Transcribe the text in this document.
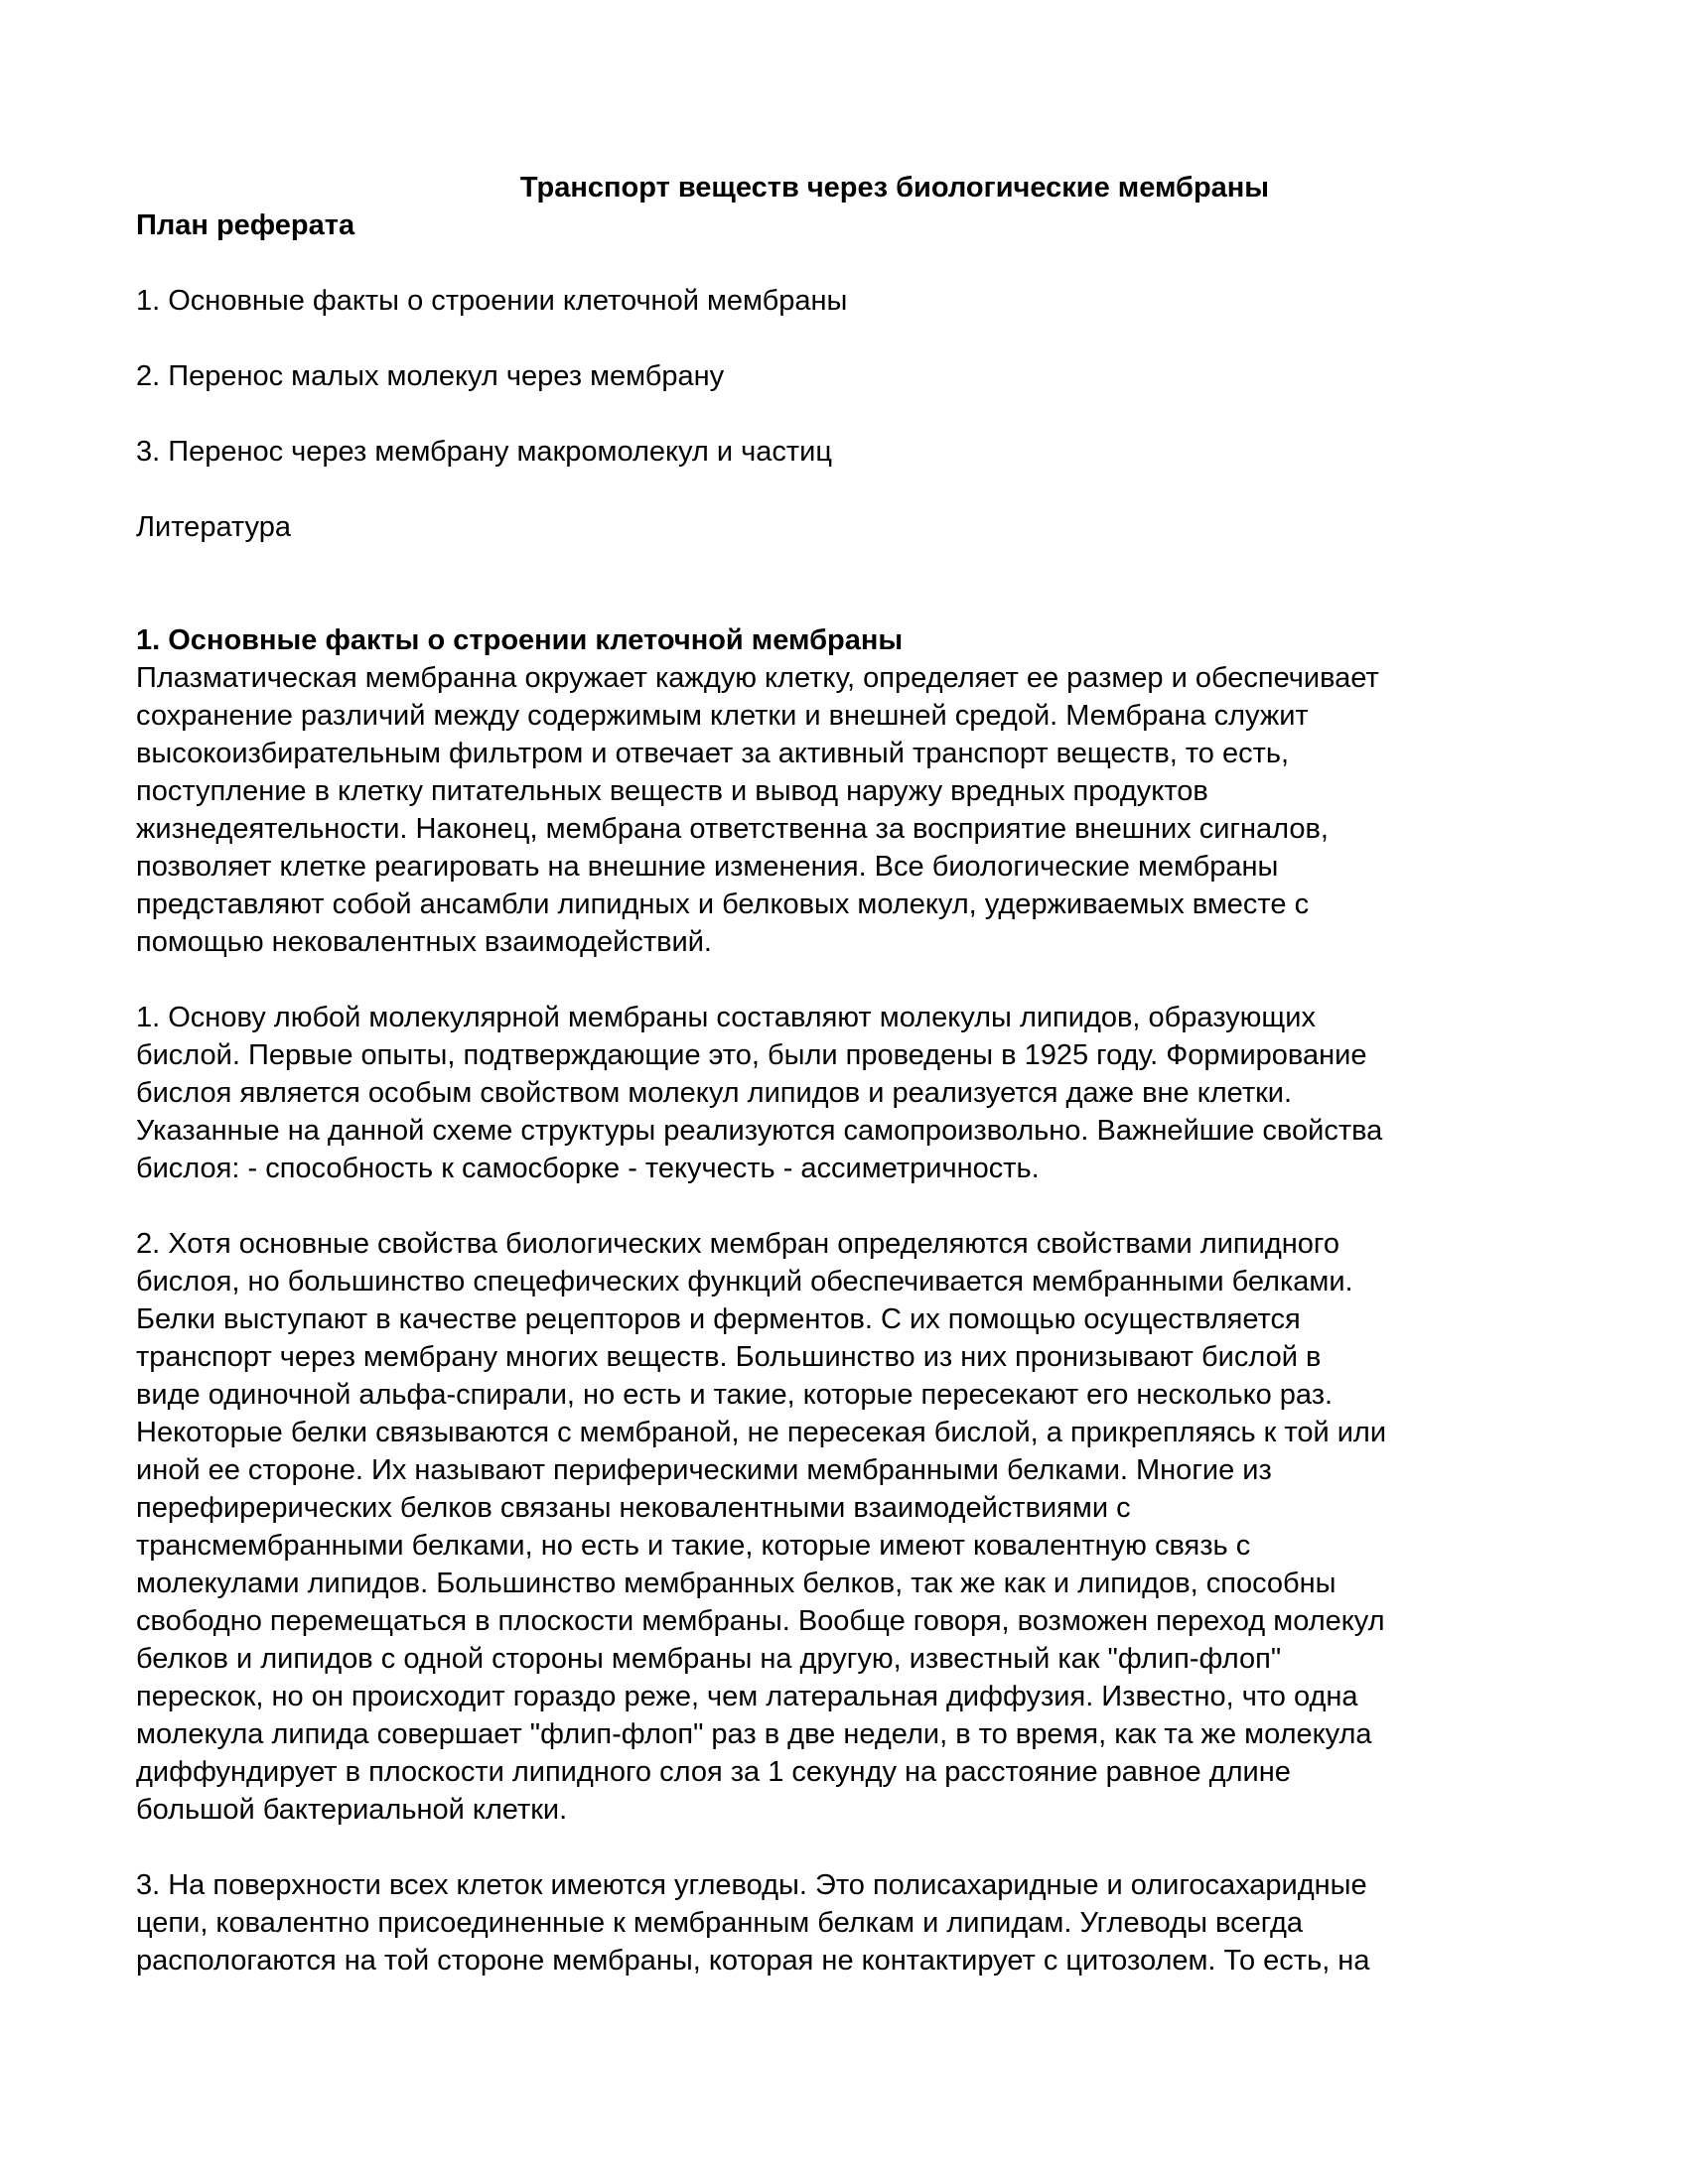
Транспорт веществ через биологические мембраны
План реферата

1. Основные факты о строении клеточной мембраны

2. Перенос малых молекул через мембрану

3. Перенос через мембрану макромолекул и частиц

Литература

1. Основные факты о строении клеточной мембраны

Плазматическая мембранна окружает каждую клетку, определяет ее размер и обеспечивает
сохранение различий между содержимым клетки и внешней средой. Мембрана служит
высокоизбирательным фильтром и отвечает за активный транспорт веществ, то есть,
поступление в клетку питательных веществ и вывод наружу вредных продуктов
жизнедеятельности. Наконец, мембрана ответственна за восприятие внешних сигналов,
позволяет клетке реагировать на внешние изменения. Все биологические мембраны
представляют собой ансамбли липидных и белковых молекул, удерживаемых вместе с
помощью нековалентных взаимодействий.

1. Основу любой молекулярной мембраны составляют молекулы липидов, образующих
бислой. Первые опыты, подтверждающие это, были проведены в 1925 году. Формирование
бислоя является особым свойством молекул липидов и реализуется даже вне клетки.
Указанные на данной схеме структуры реализуются самопроизвольно. Важнейшие свойства
бислоя: - способность к самосборке - текучесть - ассиметричность.

2. Хотя основные свойства биологических мембран определяются свойствами липидного
бислоя, но большинство спецефических функций обеспечивается мембранными белками.
Белки выступают в качестве рецепторов и ферментов. С их помощью осуществляется
транспорт через мембрану многих веществ. Большинство из них пронизывают бислой в
виде одиночной альфа-спирали, но есть и такие, которые пересекают его несколько раз.
Некоторые белки связываются с мембраной, не пересекая бислой, а прикрепляясь к той или
иной ее стороне. Их называют периферическими мембранными белками. Многие из
перефирерических белков связаны нековалентными взаимодействиями с
трансмембранными белками, но есть и такие, которые имеют ковалентную связь с
молекулами липидов. Большинство мембранных белков, так же как и липидов, способны
свободно перемещаться в плоскости мембраны. Вообще говоря, возможен переход молекул
белков и липидов с одной стороны мембраны на другую, известный как "флип-флоп"
перескок, но он происходит гораздо реже, чем латеральная диффузия. Известно, что одна
молекула липида совершает "флип-флоп" раз в две недели, в то время, как та же молекула
диффундирует в плоскости липидного слоя за 1 секунду на расстояние равное длине
большой бактериальной клетки.

3. На поверхности всех клеток имеются углеводы. Это полисахаридные и олигосахаридные
цепи, ковалентно присоединенные к мембранным белкам и липидам. Углеводы всегда
распологаются на той стороне мембраны, которая не контактирует с цитозолем. То есть, на
